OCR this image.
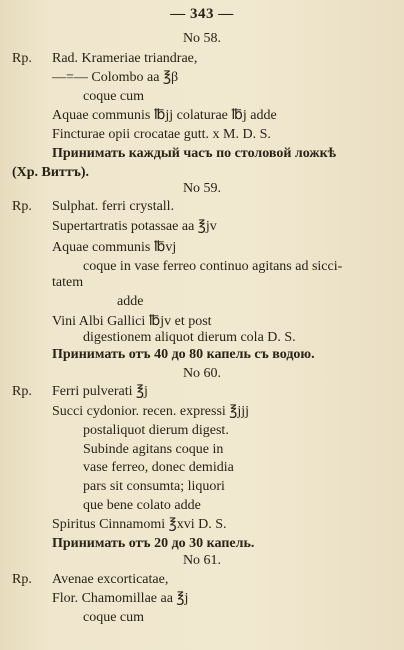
— 343 —
No 58.
Rp. Rad. Krameriae triandrae,
—=— Colombo aa ℥β
coque cum
Aquae communis ℔jj colaturae ℔j adde
Fincturae opii crocatae gutt. x M. D. S.
Принимать каждый часъ по столовой ложкѣ
(Хр. Виттъ).
No 59.
Rp. Sulphat. ferri crystall.
Supertartratis potassae aa ℥jv
Aquae communis ℔vj
coque in vase ferreo continuo agitans ad sicci-
tatem
adde
Vini Albi Gallici ℔jv et post
digestionem aliquot dierum cola D. S.
Принимать отъ 40 до 80 капель съ водою.
No 60.
Rp. Ferri pulverati ℥j
Succi cydonior. recen. expressi ℥jjj
postaliquot dierum digest.
Subinde agitans coque in
vase ferreo, donec demidia
pars sit consumta; liquori
que bene colato adde
Spiritus Cinnamomi ℥xvi D. S.
Принимать отъ 20 до 30 капель.
No 61.
Rp. Avenae excorticatae,
Flor. Chamomillae aa ℥j
coque cum
